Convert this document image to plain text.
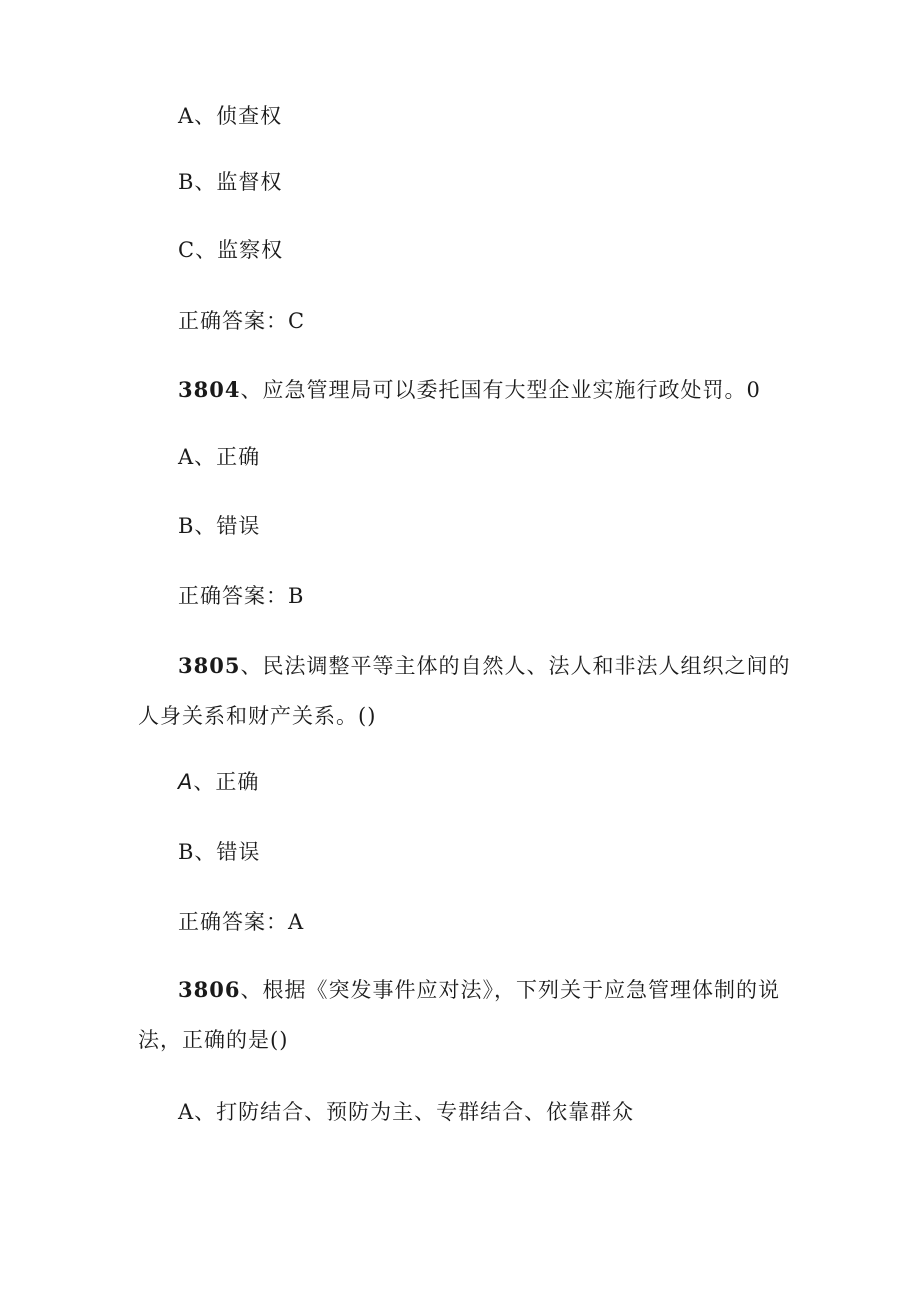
A、侦查权
B、监督权
C、监察权
正确答案：C
3804、应急管理局可以委托国有大型企业实施行政处罚。0
A、正确
B、错误
正确答案：B
3805、民法调整平等主体的自然人、法人和非法人组织之间的
人身关系和财产关系。()
A、正确
B、错误
正确答案：A
3806、根据《突发事件应对法》，下列关于应急管理体制的说
法，正确的是()
A、打防结合、预防为主、专群结合、依靠群众
